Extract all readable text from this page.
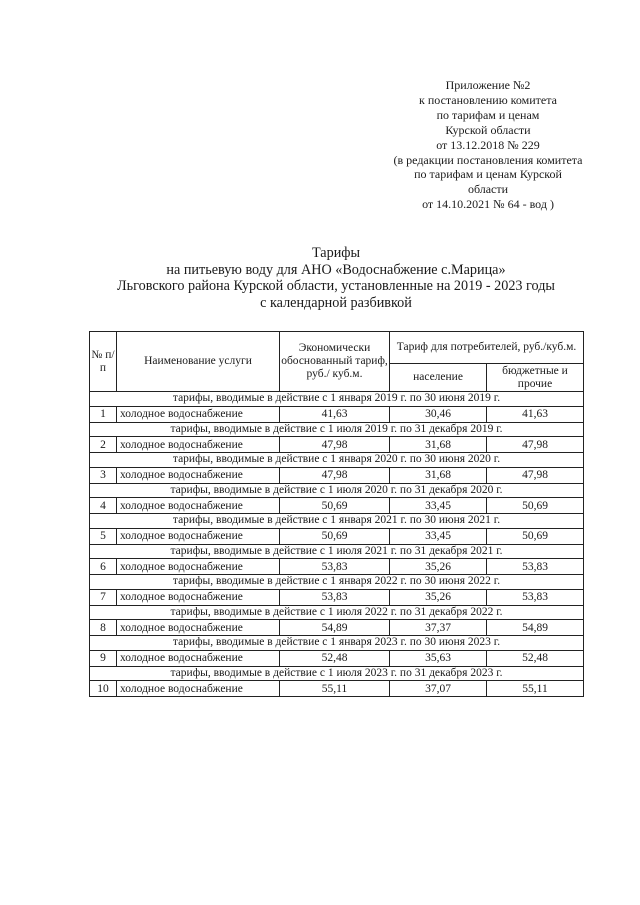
Приложение №2
к постановлению комитета
по тарифам и ценам
Курской области
от 13.12.2018 № 229
(в редакции постановления комитета
по тарифам и ценам Курской
области
от 14.10.2021 № 64 - вод )
Тарифы
на питьевую воду для АНО «Водоснабжение с.Марица»
Льговского района Курской области, установленные на 2019 - 2023 годы
с календарной разбивкой
№ п/п	Наименование услуги	Экономически обоснованный тариф, руб./ куб.м.	Тариф для потребителей, руб./куб.м.	
			население	бюджетные и прочие
тарифы, вводимые в действие с 1 января 2019 г. по 30 июня 2019 г.				
1	холодное водоснабжение	41,63	30,46	41,63
тарифы, вводимые в действие с 1 июля 2019 г. по 31 декабря 2019 г.				
2	холодное водоснабжение	47,98	31,68	47,98
тарифы, вводимые в действие с 1 января 2020 г. по 30 июня 2020 г.				
3	холодное водоснабжение	47,98	31,68	47,98
тарифы, вводимые в действие с 1 июля 2020 г. по 31 декабря 2020 г.				
4	холодное водоснабжение	50,69	33,45	50,69
тарифы, вводимые в действие с 1 января 2021 г. по 30 июня 2021 г.				
5	холодное водоснабжение	50,69	33,45	50,69
тарифы, вводимые в действие с 1 июля 2021 г. по 31 декабря 2021 г.				
6	холодное водоснабжение	53,83	35,26	53,83
тарифы, вводимые в действие с 1 января 2022 г. по 30 июня 2022 г.				
7	холодное водоснабжение	53,83	35,26	53,83
тарифы, вводимые в действие с 1 июля 2022 г. по 31 декабря 2022 г.				
8	холодное водоснабжение	54,89	37,37	54,89
тарифы, вводимые в действие с 1 января 2023 г. по 30 июня 2023 г.				
9	холодное водоснабжение	52,48	35,63	52,48
тарифы, вводимые в действие с 1 июля 2023 г. по 31 декабря 2023 г.				
10	холодное водоснабжение	55,11	37,07	55,11
